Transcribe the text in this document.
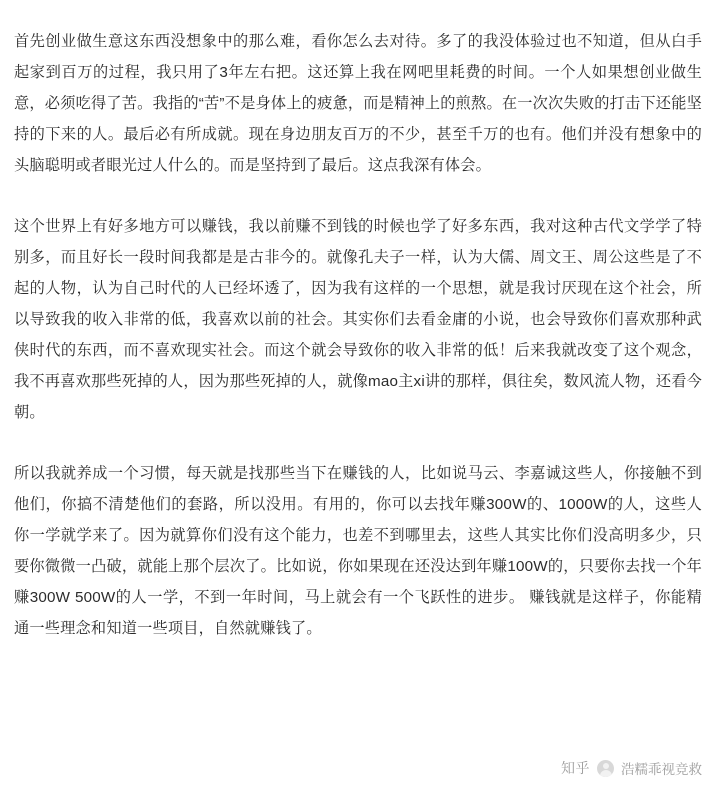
首先创业做生意这东西没想象中的那么难，看你怎么去对待。多了的我没体验过也不知道，但从白手起家到百万的过程，我只用了3年左右把。这还算上我在网吧里耗费的时间。一个人如果想创业做生意，必须吃得了苦。我指的“苦”不是身体上的疲惫，而是精神上的煎熬。在一次次失败的打击下还能坚持的下来的人。最后必有所成就。现在身边朋友百万的不少，甚至千万的也有。他们并没有想象中的头脑聪明或者眼光过人什么的。而是坚持到了最后。这点我深有体会。

这个世界上有好多地方可以赚钱，我以前赚不到钱的时候也学了好多东西，我对这种古代文学学了特别多，而且好长一段时间我都是是古非今的。就像孔夫子一样，认为大儒、周文王、周公这些是了不起的人物，认为自己时代的人已经坏透了，因为我有这样的一个思想，就是我讨厌现在这个社会，所以导致我的收入非常的低，我喜欢以前的社会。其实你们去看金庸的小说，也会导致你们喜欢那种武侠时代的东西，而不喜欢现实社会。而这个就会导致你的收入非常的低！后来我就改变了这个观念，我不再喜欢那些死掉的人，因为那些死掉的人，就像mao主xi讲的那样，俱往矣，数风流人物，还看今朝。

所以我就养成一个习惯，每天就是找那些当下在赚钱的人，比如说马云、李嘉诚这些人，你接触不到他们，你搞不清楚他们的套路，所以没用。有用的，你可以去找年赚300W的、1000W的人，这些人你一学就学来了。因为就算你们没有这个能力，也差不到哪里去，这些人其实比你们没高明多少，只要你微微一凸破，就能上那个层次了。比如说，你如果现在还没达到年赚100W的，只要你去找一个年赚300W 500W的人一学，不到一年时间，马上就会有一个飞跃性的进步。 赚钱就是这样子，你能精通一些理念和知道一些项目，自然就赚钱了。

知乎 浩糯乖视竞救
